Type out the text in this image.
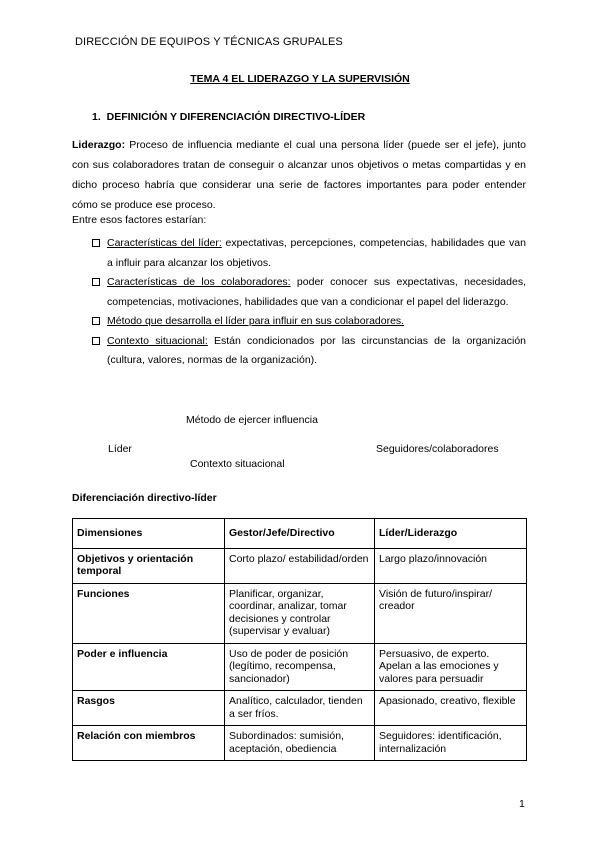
DIRECCIÓN DE EQUIPOS Y TÉCNICAS GRUPALES
TEMA 4 EL LIDERAZGO Y LA SUPERVISIÓN
1. DEFINICIÓN Y DIFERENCIACIÓN DIRECTIVO-LÍDER

Liderazgo: Proceso de influencia mediante el cual una persona líder (puede ser el jefe), junto con sus colaboradores tratan de conseguir o alcanzar unos objetivos o metas compartidas y en dicho proceso habría que considerar una serie de factores importantes para poder entender cómo se produce ese proceso.

Entre esos factores estarían:
Características del líder: expectativas, percepciones, competencias, habilidades que van a influir para alcanzar los objetivos.
Características de los colaboradores: poder conocer sus expectativas, necesidades, competencias, motivaciones, habilidades que van a condicionar el papel del liderazgo.
Método que desarrolla el líder para influir en sus colaboradores.
Contexto situacional: Están condicionados por las circunstancias de la organización (cultura, valores, normas de la organización).
Método de ejercer influencia
Líder	Seguidores/colaboradores
Contexto situacional
Diferenciación directivo-líder
Dimensiones	Gestor/Jefe/Directivo	Líder/Liderazgo
Objetivos y orientación temporal	Corto plazo/ estabilidad/orden	Largo plazo/innovación
Funciones	Planificar, organizar, coordinar, analizar, tomar decisiones y controlar (supervisar y evaluar)	Visión de futuro/inspirar/ creador
Poder e influencia	Uso de poder de posición (legítimo, recompensa, sancionador)	Persuasivo, de experto. Apelan a las emociones y valores para persuadir
Rasgos	Analítico, calculador, tienden a ser fríos.	Apasionado, creativo, flexible
Relación con miembros	Subordinados: sumisión, aceptación, obediencia	Seguidores: identificación, internalización
1
